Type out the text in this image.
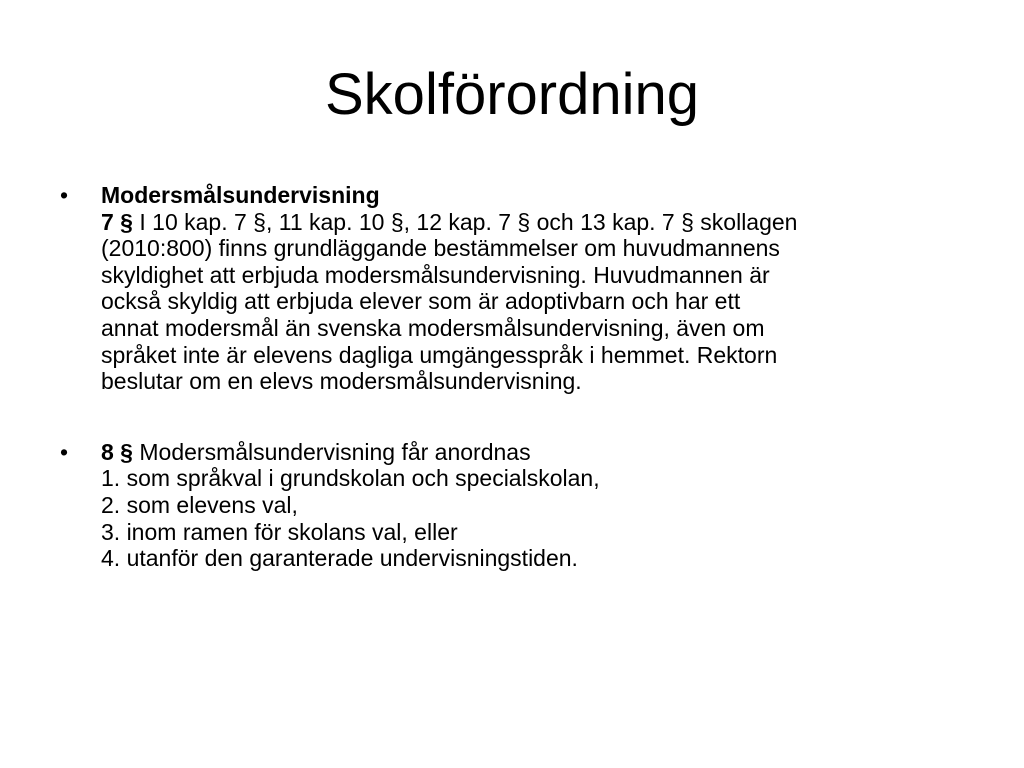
Skolförordning
• Modersmålsundervisning
7 § I 10 kap. 7 §, 11 kap. 10 §, 12 kap. 7 § och 13 kap. 7 § skollagen
(2010:800) finns grundläggande bestämmelser om huvudmannens
skyldighet att erbjuda modersmålsundervisning. Huvudmannen är
också skyldig att erbjuda elever som är adoptivbarn och har ett
annat modersmål än svenska modersmålsundervisning, även om
språket inte är elevens dagliga umgängesspråk i hemmet. Rektorn
beslutar om en elevs modersmålsundervisning.
• 8 § Modersmålsundervisning får anordnas
1. som språkval i grundskolan och specialskolan,
2. som elevens val,
3. inom ramen för skolans val, eller
4. utanför den garanterade undervisningstiden.
